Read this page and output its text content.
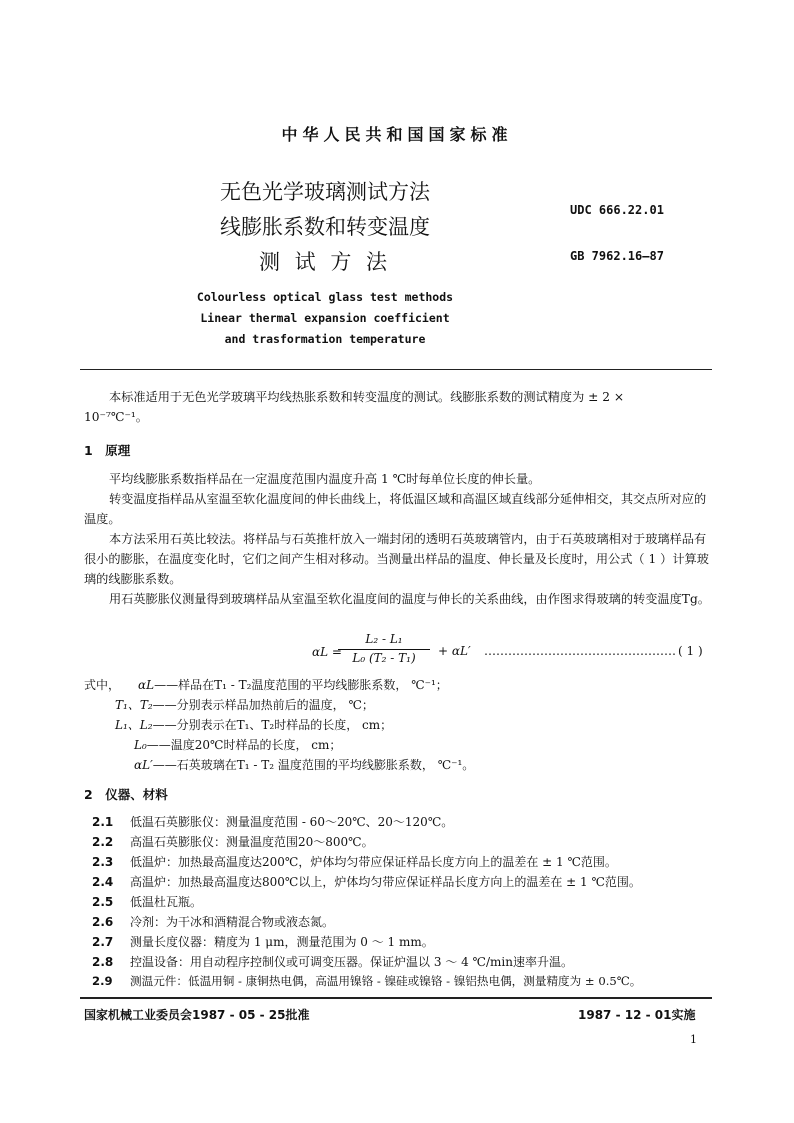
中华人民共和国国家标准
无色光学玻璃测试方法
线膨胀系数和转变温度
测 试 方 法
Colourless optical glass test methods
Linear thermal expansion coefficient
and trasformation temperature
UDC 666.22.01
GB 7962.16—87
本标准适用于无色光学玻璃平均线热胀系数和转变温度的测试。线膨胀系数的测试精度为 ± 2 ×
10⁻⁷℃⁻¹。
1　原理
平均线膨胀系数指样品在一定温度范围内温度升高 1 ℃时每单位长度的伸长量。
转变温度指样品从室温至软化温度间的伸长曲线上，将低温区域和高温区域直线部分延伸相交，其交点所对应的温度。
本方法采用石英比较法。将样品与石英推杆放入一端封闭的透明石英玻璃管内，由于石英玻璃相对于玻璃样品有很小的膨胀，在温度变化时，它们之间产生相对移动。当测量出样品的温度、伸长量及长度时，用公式（ 1 ）计算玻璃的线膨胀系数。
用石英膨胀仪测量得到玻璃样品从室温至软化温度间的温度与伸长的关系曲线，由作图求得玻璃的转变温度Tg。
αL =
L₂ - L₁
L₀ (T₂ - T₁)	+ αL′ ………………………………………… ( 1 )
式中， αL——样品在T₁ - T₂温度范围的平均线膨胀系数， ℃⁻¹；
T₁、T₂——分别表示样品加热前后的温度， ℃；
L₁、L₂——分别表示在T₁、T₂时样品的长度， cm；
L₀——温度20℃时样品的长度， cm；
αL′——石英玻璃在T₁ - T₂ 温度范围的平均线膨胀系数， ℃⁻¹。
2　仪器、材料
2.1 低温石英膨胀仪：测量温度范围 - 60～20℃、20～120℃。
2.2 高温石英膨胀仪：测量温度范围20～800℃。
2.3 低温炉：加热最高温度达200℃，炉体均匀带应保证样品长度方向上的温差在 ± 1 ℃范围。
2.4 高温炉：加热最高温度达800℃以上，炉体均匀带应保证样品长度方向上的温差在 ± 1 ℃范围。
2.5 低温杜瓦瓶。
2.6 冷剂：为干冰和酒精混合物或液态氮。
2.7 测量长度仪器：精度为 1 μm，测量范围为 0 ～ 1 mm。
2.8 控温设备：用自动程序控制仪或可调变压器。保证炉温以 3 ～ 4 ℃/min速率升温。
2.9 测温元件：低温用铜 - 康铜热电偶，高温用镍铬 - 镍硅或镍铬 - 镍铝热电偶，测量精度为 ± 0.5℃。
国家机械工业委员会1987 - 05 - 25批准	1987 - 12 - 01实施
1
